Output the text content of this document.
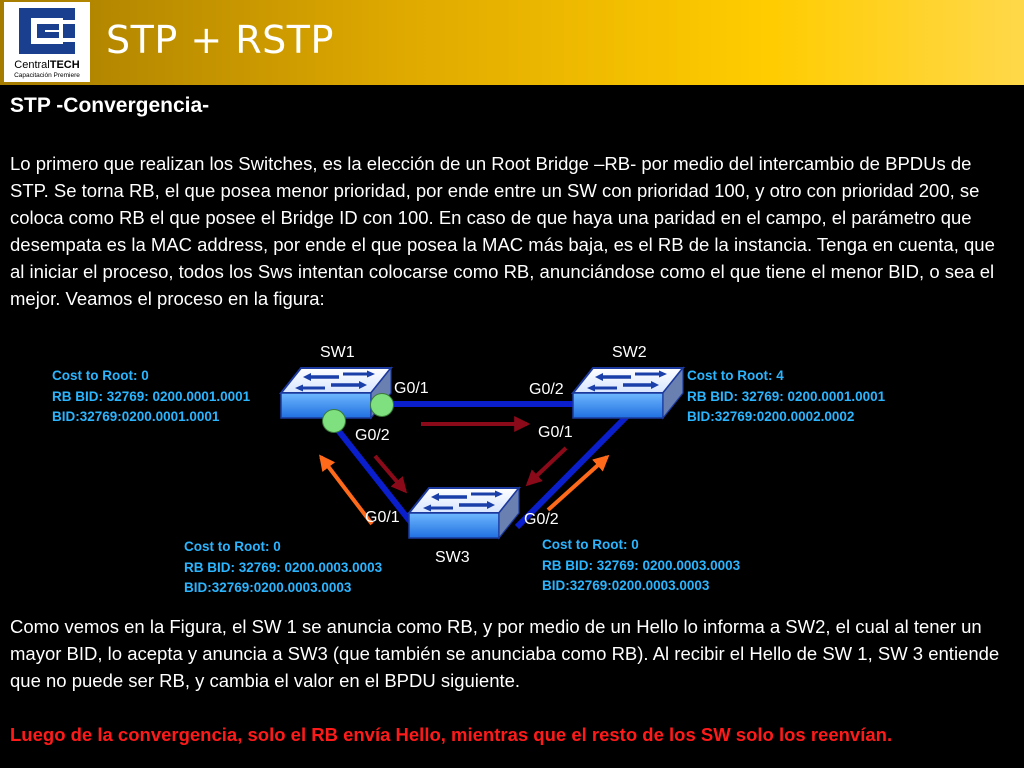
CentralTECH
Capacitación Premiere
STP + RSTP
STP -Convergencia-
Lo primero que realizan los Switches, es la elección de un Root Bridge –RB- por medio del intercambio de BPDUs de STP. Se torna RB, el que posea menor prioridad, por ende entre un SW con prioridad 100, y otro con prioridad 200, se coloca como RB el que posee el Bridge ID con 100. En caso de que haya una paridad en el campo, el parámetro que desempata es la MAC address, por ende el que posea la MAC más baja, es el RB de la instancia. Tenga en cuenta, que al iniciar el proceso, todos los Sws intentan colocarse como RB, anunciándose como el que tiene el menor BID, o sea el mejor. Veamos el proceso en la figura:
SW1	SW2
SW3
G0/1
G0/2
G0/2
G0/1
G0/1	G0/2
Cost to Root: 0
RB BID: 32769: 0200.0001.0001
BID:32769:0200.0001.0001
Cost to Root: 4
RB BID: 32769: 0200.0001.0001
BID:32769:0200.0002.0002
Cost to Root: 0
RB BID: 32769: 0200.0003.0003
BID:32769:0200.0003.0003
Cost to Root: 0
RB BID: 32769: 0200.0003.0003
BID:32769:0200.0003.0003
Como vemos en la Figura, el SW 1 se anuncia como RB, y por medio de un Hello lo informa a SW2, el cual al tener un mayor BID, lo acepta y anuncia a SW3 (que también se anunciaba como RB). Al recibir el Hello de SW 1, SW 3 entiende que no puede ser RB, y cambia el valor en el BPDU siguiente.
Luego de la convergencia, solo el RB envía Hello, mientras que el resto de los SW solo los reenvían.
